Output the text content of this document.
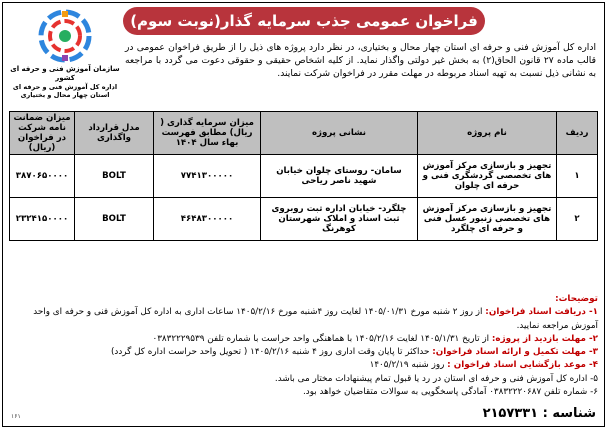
فراخوان عمومی جذب سرمایه گذار(نوبت سوم)
سازمان آموزش فنی و حرفه ای کشور
اداره کل آموزش فنی و حرفه ای
استان چهار محال و بختیاری
اداره کل آموزش فنی و حرفه ای استان چهار محال و بختیاری، در نظر دارد پروژه های ذیل را از طریق فراخوان عمومی در قالب ماده ۲۷ قانون الحاق(۲) به بخش غیر دولتی واگذار نماید. از کلیه اشخاص حقیقی و حقوقی دعوت می گردد با مراجعه به نشانی ذیل نسبت به تهیه اسناد مربوطه در مهلت مقرر در فراخوان شرکت نمایند.
ردیف	نام پروژه	نشانی پروژه	میزان سرمایه گذاری ( ریال) مطابق فهرست بهاء سال ۱۴۰۴	مدل قرارداد واگذاری	میزان ضمانت نامه شرکت در فراخوان (ریال)
۱	تجهیز و بازسازی مرکز آموزش های تخصصی گردشگری فنی و حرفه ای چلوان	سامان- روستای چلوان خیابان شهید ناصر ریاحی	۷۷۴۱۳۰۰۰۰۰	BOLT	۳۸۷۰۶۵۰۰۰۰
۲	تجهیز و بازسازی مرکز آموزش های تخصصی زنبور عسل فنی و حرفه ای چلگرد	چلگرد- خیابان اداره ثبت روبروی ثبت اسناد و املاک شهرستان کوهرنگ	۴۶۴۸۳۰۰۰۰۰	BOLT	۲۳۲۴۱۵۰۰۰۰
توضیحات:
۱- دریافت اسناد فراخوان: از روز ۲ شنبه مورخ ۱۴۰۵/۰۱/۳۱ لغایت روز ۴شنبه مورخ ۱۴۰۵/۲/۱۶ ساعات اداری به اداره کل آموزش فنی و حرفه ای واحد آموزش مراجعه نمایید.
۲- مهلت بازدید از پروژه: از تاریخ ۱۴۰۵/۱/۳۱ لغایت ۱۴۰۵/۲/۱۶ با هماهنگی واحد حراست با شماره تلفن ۰۳۸۳۲۲۲۹۵۳۹
۳- مهلت تکمیل و ارائه اسناد فراخوان: حداکثر تا پایان وقت اداری روز ۴ شنبه ۱۴۰۵/۲/۱۶ ( تحویل واحد حراست اداره کل گردد)
۴- موعد بازگشایی اسناد فراخوان : روز شنبه ۱۴۰۵/۲/۱۹
۵- اداره کل آموزش فنی و حرفه ای استان در رد یا قبول تمام پیشنهادات مختار می باشد.
۶- شماره تلفن ۰۳۸۳۲۲۲۰۶۸۷ آمادگی پاسخگویی به سوالات متقاضیان خواهد بود.
۱۶۱	شناسه : ۲۱۵۷۳۳۱
